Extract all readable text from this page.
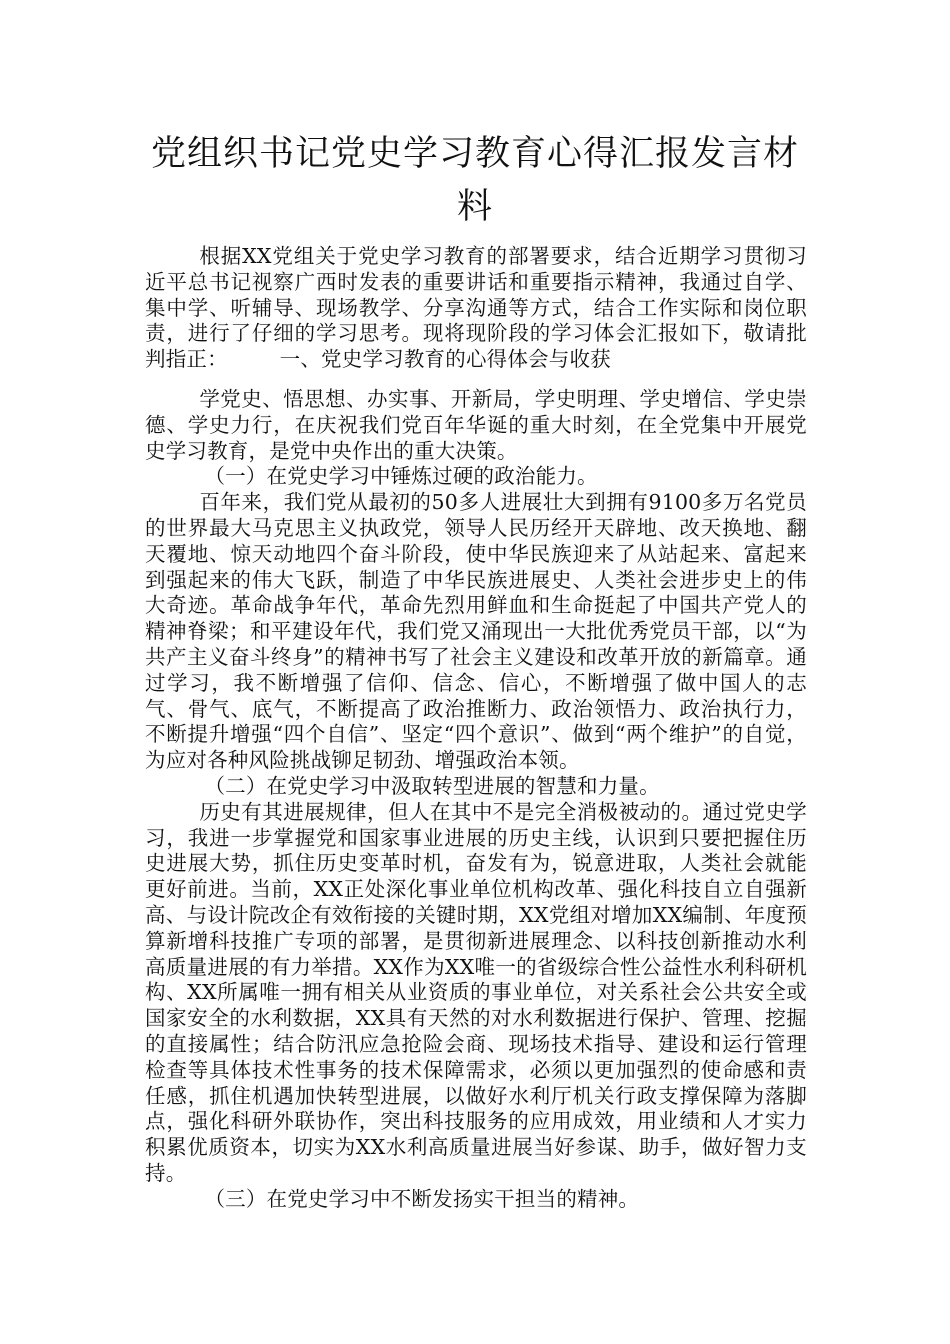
党组织书记党史学习教育心得汇报发言材料

根据XX党组关于党史学习教育的部署要求，结合近期学习贯彻习近平总书记视察广西时发表的重要讲话和重要指示精神，我通过自学、集中学、听辅导、现场教学、分享沟通等方式，结合工作实际和岗位职责，进行了仔细的学习思考。现将现阶段的学习体会汇报如下，敬请批判指正：　　　一、党史学习教育的心得体会与收获

学党史、悟思想、办实事、开新局，学史明理、学史增信、学史崇德、学史力行，在庆祝我们党百年华诞的重大时刻，在全党集中开展党史学习教育，是党中央作出的重大决策。

（一）在党史学习中锤炼过硬的政治能力。

百年来，我们党从最初的50多人进展壮大到拥有9100多万名党员的世界最大马克思主义执政党，领导人民历经开天辟地、改天换地、翻天覆地、惊天动地四个奋斗阶段，使中华民族迎来了从站起来、富起来到强起来的伟大飞跃，制造了中华民族进展史、人类社会进步史上的伟大奇迹。革命战争年代，革命先烈用鲜血和生命挺起了中国共产党人的精神脊梁；和平建设年代，我们党又涌现出一大批优秀党员干部，以“为共产主义奋斗终身”的精神书写了社会主义建设和改革开放的新篇章。通过学习，我不断增强了信仰、信念、信心，不断增强了做中国人的志气、骨气、底气，不断提高了政治推断力、政治领悟力、政治执行力，不断提升增强“四个自信”、坚定“四个意识”、做到“两个维护”的自觉，为应对各种风险挑战铆足韧劲、增强政治本领。

（二）在党史学习中汲取转型进展的智慧和力量。

历史有其进展规律，但人在其中不是完全消极被动的。通过党史学习，我进一步掌握党和国家事业进展的历史主线，认识到只要把握住历史进展大势，抓住历史变革时机，奋发有为，锐意进取，人类社会就能更好前进。当前，XX正处深化事业单位机构改革、强化科技自立自强新高、与设计院改企有效衔接的关键时期，XX党组对增加XX编制、年度预算新增科技推广专项的部署，是贯彻新进展理念、以科技创新推动水利高质量进展的有力举措。XX作为XX唯一的省级综合性公益性水利科研机构、XX所属唯一拥有相关从业资质的事业单位，对关系社会公共安全或国家安全的水利数据，XX具有天然的对水利数据进行保护、管理、挖掘的直接属性；结合防汛应急抢险会商、现场技术指导、建设和运行管理检查等具体技术性事务的技术保障需求，必须以更加强烈的使命感和责任感，抓住机遇加快转型进展，以做好水利厅机关行政支撑保障为落脚点，强化科研外联协作，突出科技服务的应用成效，用业绩和人才实力积累优质资本，切实为XX水利高质量进展当好参谋、助手，做好智力支持。

（三）在党史学习中不断发扬实干担当的精神。
